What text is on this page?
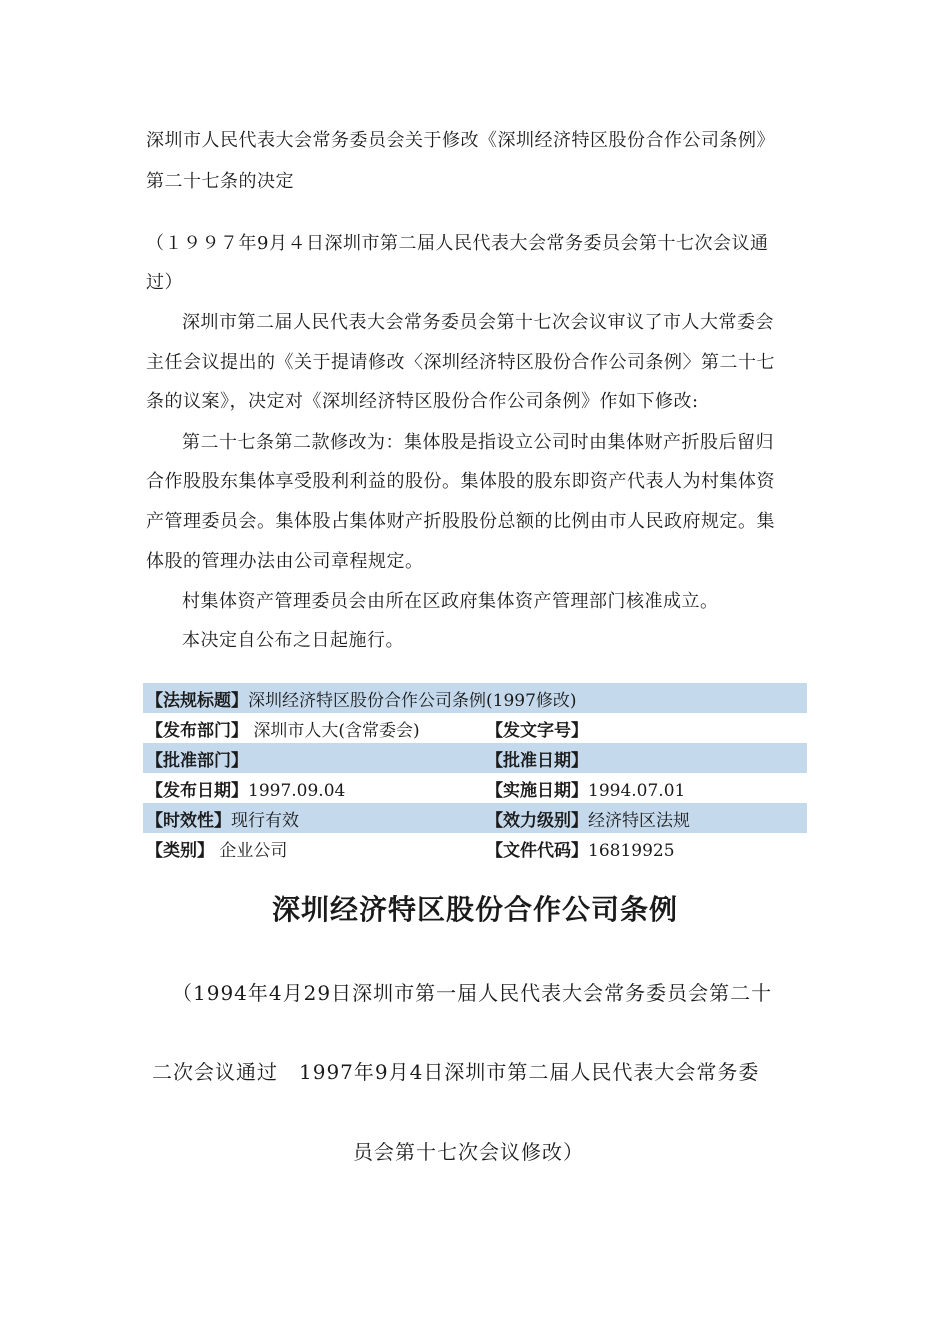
深圳市人民代表大会常务委员会关于修改《深圳经济特区股份合作公司条例》
第二十七条的决定
（１９９７年9月４日深圳市第二届人民代表大会常务委员会第十七次会议通
过）
深圳市第二届人民代表大会常务委员会第十七次会议审议了市人大常委会
主任会议提出的《关于提请修改〈深圳经济特区股份合作公司条例〉第二十七
条的议案》，决定对《深圳经济特区股份合作公司条例》作如下修改:
第二十七条第二款修改为：集体股是指设立公司时由集体财产折股后留归
合作股股东集体享受股利利益的股份。集体股的股东即资产代表人为村集体资
产管理委员会。集体股占集体财产折股股份总额的比例由市人民政府规定。集
体股的管理办法由公司章程规定。
村集体资产管理委员会由所在区政府集体资产管理部门核准成立。
本决定自公布之日起施行。
【法规标题】深圳经济特区股份合作公司条例(1997修改)
【发布部门】 深圳市人大(含常委会)	【发文字号】
【批准部门】	【批准日期】
【发布日期】1997.09.04	【实施日期】1994.07.01
【时效性】现行有效	【效力级别】经济特区法规
【类别】 企业公司	【文件代码】16819925
深圳经济特区股份合作公司条例
（1994年4月29日深圳市第一届人民代表大会常务委员会第二十
二次会议通过　1997年9月4日深圳市第二届人民代表大会常务委
员会第十七次会议修改）
